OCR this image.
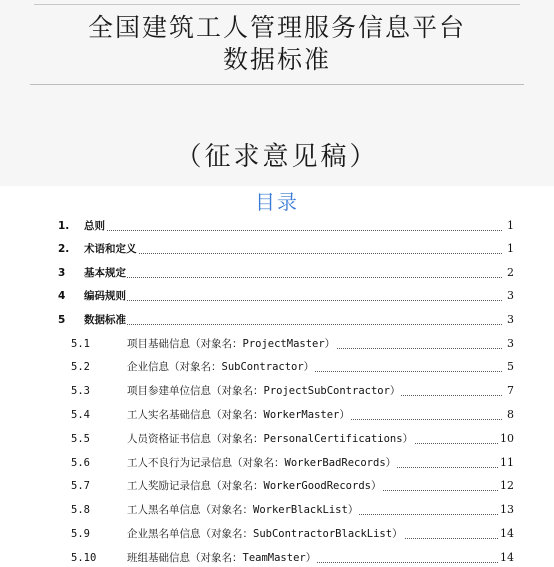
全国建筑工人管理服务信息平台
数据标准
（征求意见稿）
目录
1. 总则	1
2. 术语和定义	1
3 基本规定	2
4 编码规则	3
5 数据标准	3
5.1	项目基础信息（对象名：ProjectMaster）	3
5.2	企业信息（对象名：SubContractor）	5
5.3	项目参建单位信息（对象名：ProjectSubContractor）	7
5.4	工人实名基础信息（对象名：WorkerMaster）	8
5.5	人员资格证书信息（对象名：PersonalCertifications）	10
5.6	工人不良行为记录信息（对象名：WorkerBadRecords）	11
5.7	工人奖励记录信息（对象名：WorkerGoodRecords）	12
5.8	工人黑名单信息（对象名：WorkerBlackList）	13
5.9	企业黑名单信息（对象名：SubContractorBlackList）	14
5.10	班组基础信息（对象名：TeamMaster）	14
